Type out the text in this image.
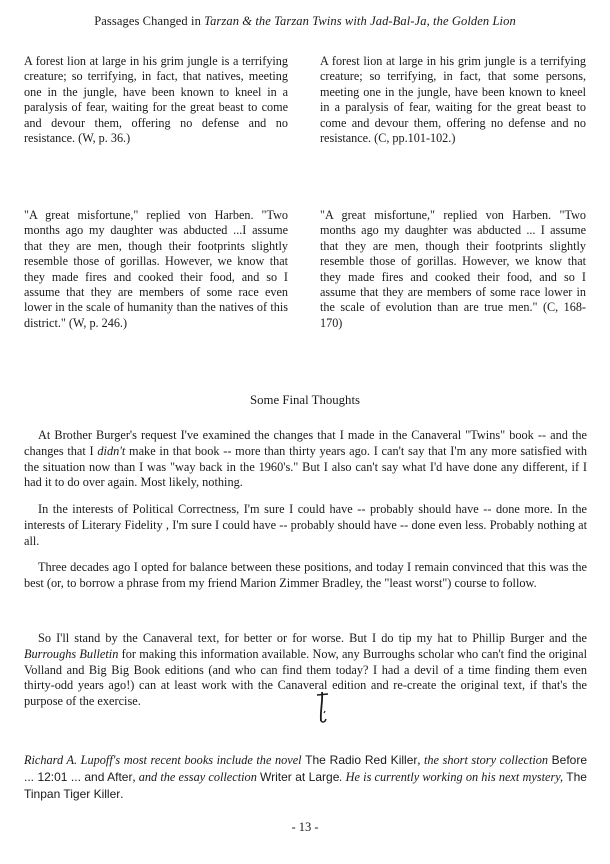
Passages Changed in Tarzan & the Tarzan Twins with Jad-Bal-Ja, the Golden Lion
A forest lion at large in his grim jungle is a terrifying creature; so terrifying, in fact, that natives, meeting one in the jungle, have been known to kneel in a paralysis of fear, waiting for the great beast to come and devour them, offering no defense and no resistance. (W, p. 36.)
A forest lion at large in his grim jungle is a terrifying creature; so terrifying, in fact, that some persons, meeting one in the jungle, have been known to kneel in a paralysis of fear, waiting for the great beast to come and devour them, offering no defense and no resistance. (C, pp.101-102.)
"A great misfortune," replied von Harben. "Two months ago my daughter was abducted ...I assume that they are men, though their footprints slightly resemble those of gorillas. However, we know that they made fires and cooked their food, and so I assume that they are members of some race even lower in the scale of humanity than the natives of this district." (W, p. 246.)
"A great misfortune," replied von Harben. "Two months ago my daughter was abducted ... I assume that they are men, though their footprints slightly resemble those of gorillas. However, we know that they made fires and cooked their food, and so I assume that they are members of some race lower in the scale of evolution than are true men." (C, 168-170)
Some Final Thoughts

At Brother Burger's request I've examined the changes that I made in the Canaveral "Twins" book -- and the changes that I didn't make in that book -- more than thirty years ago. I can't say that I'm any more satisfied with the situation now than I was "way back in the 1960's." But I also can't say what I'd have done any different, if I had it to do over again. Most likely, nothing.

In the interests of Political Correctness, I'm sure I could have -- probably should have -- done more. In the interests of Literary Fidelity , I'm sure I could have -- probably should have -- done even less. Probably nothing at all.

Three decades ago I opted for balance between these positions, and today I remain convinced that this was the best (or, to borrow a phrase from my friend Marion Zimmer Bradley, the "least worst") course to follow.

So I'll stand by the Canaveral text, for better or for worse. But I do tip my hat to Phillip Burger and the Burroughs Bulletin for making this information available. Now, any Burroughs scholar who can't find the original Volland and Big Big Book editions (and who can find them today? I had a devil of a time finding them even thirty-odd years ago!) can at least work with the Canaveral edition and re-create the original text, if that's the purpose of the exercise.

Richard A. Lupoff's most recent books include the novel The Radio Red Killer, the short story collection Before ... 12:01 ... and After, and the essay collection Writer at Large. He is currently working on his next mystery, The Tinpan Tiger Killer.

- 13 -
